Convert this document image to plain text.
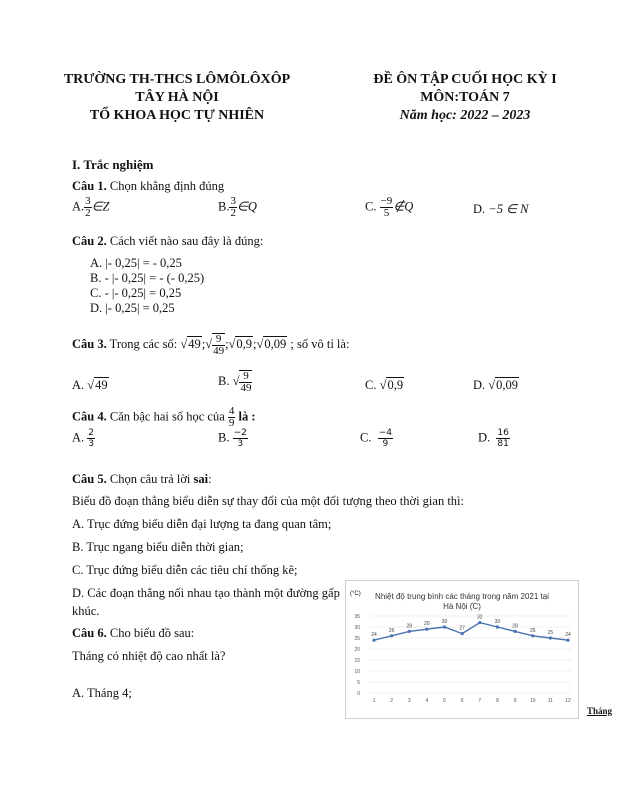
TRƯỜNG TH-THCS LÔMÔLÔXÔP
TÂY HÀ NỘI
TỔ KHOA HỌC TỰ NHIÊN
ĐỀ ÔN TẬP CUỐI HỌC KỲ I
MÔN:TOÁN 7
Năm học: 2022 – 2023
I. Trắc nghiệm
Câu 1. Chọn khẳng định đúng
A. $\frac{3}{2}$ ∈Z	B. $\frac{3}{2}$ ∈Q	C. $\frac{-9}{5}$ ∉Q	D. −5 ∈ N
Câu 2. Cách viết nào sau đây là đúng:
A. |- 0,25| = - 0,25
B. - |- 0,25| = - (- 0,25)
C. - |- 0,25| = 0,25
D. |- 0,25| = 0,25
Câu 3. Trong các số: √49;√ $\frac{9}{49}$ ;√0,9;√0,09 ; số vô tỉ là:
A. √49	B. √ $\frac{9}{49}$	C. √0,9	D. √0,09
Câu 4. Căn bậc hai số học của $\frac{4}{9}$ là :
A. $\frac{2}{3}$	B. $\frac{-2}{3}$	C. $\frac{-4}{9}$	D. $\frac{16}{81}$
Câu 5. Chọn câu trả lời sai:
Biểu đồ đoạn thẳng biểu diễn sự thay đổi của một đối tượng theo thời gian thì:
A. Trục đứng biểu diễn đại lượng ta đang quan tâm;
B. Trục ngang biểu diễn thời gian;
C. Trục đứng biểu diễn các tiêu chí thống kê;
D. Các đoạn thẳng nối nhau tạo thành một đường gấp
khúc.
Câu 6. Cho biểu đồ sau:
Tháng có nhiệt độ cao nhất là?
A. Tháng 4;
Nhiệt độ trung bình các tháng trong năm 2021 tại
Hà Nội (̊C)
(°C)
0
5
10
15
20
25
30
35
1	2	3	4	5	6	7	8	9	10 11 12
24
26
28 29 30
27
32
30
28
26 25 24
Tháng
